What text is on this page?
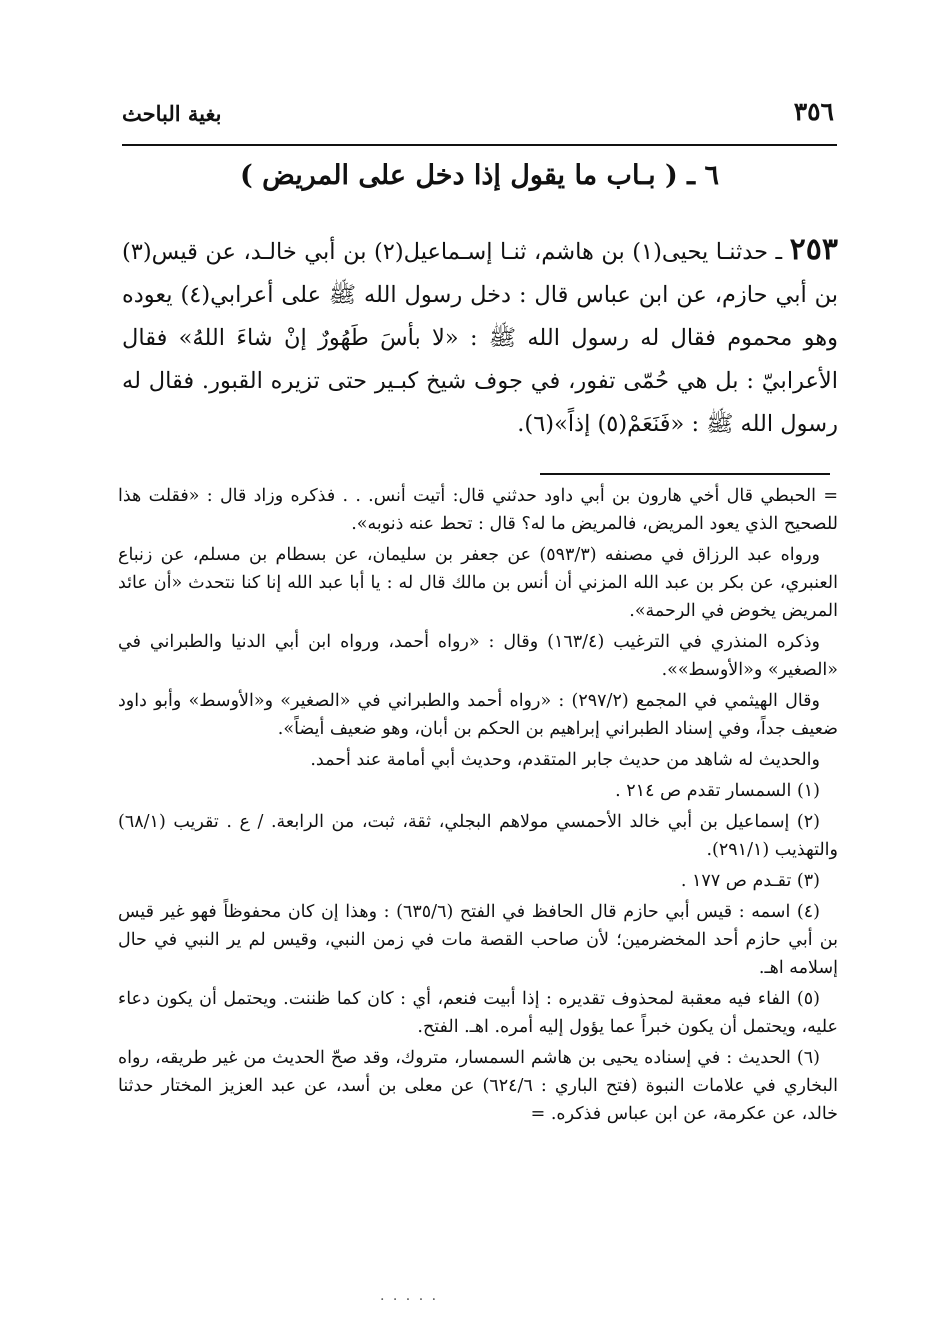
٣٥٦
بغية الباحث
٦ ـ ( بـاب ما يقول إذا دخل على المريض )
٢٥٣ ـ حدثنـا يحيى(١) بن هاشم، ثنـا إسـماعيل(٢) بن أبي خالـد، عن قيس(٣) بن أبي حازم، عن ابن عباس قال : دخل رسول الله ﷺ على أعرابي(٤) يعوده وهو محموم فقال له رسول الله ﷺ : «لا بأسَ طَهُورٌ إنْ شاءَ اللهُ» فقال الأعرابيّ : بل هي حُمّى تفور، في جوف شيخ كبـير حتى تزيره القبور. فقال له رسول الله ﷺ : «فَنَعَمْ(٥) إذاً»(٦).

= الحبطي قال أخي هارون بن أبي داود حدثني قال: أتيت أنس. . . فذكره وزاد قال : «فقلت هذا للصحيح الذي يعود المريض، فالمريض ما له؟ قال : تحط عنه ذنوبه».

ورواه عبد الرزاق في مصنفه (٥٩٣/٣) عن جعفر بن سليمان، عن بسطام بن مسلم، عن زنباع العنبري، عن بكر بن عبد الله المزني أن أنس بن مالك قال له : يا أبا عبد الله إنا كنا نتحدث «أن عائد المريض يخوض في الرحمة».

وذكره المنذري في الترغيب (١٦٣/٤) وقال : «رواه أحمد، ورواه ابن أبي الدنيا والطبراني في «الصغير» و«الأوسط»».

وقال الهيثمي في المجمع (٢٩٧/٢) : «رواه أحمد والطبراني في «الصغير» و«الأوسط» وأبو داود ضعيف جداً، وفي إسناد الطبراني إبراهيم بن الحكم بن أبان، وهو ضعيف أيضاً».

والحديث له شاهد من حديث جابر المتقدم، وحديث أبي أمامة عند أحمد.

(١) السمسار تقدم ص ٢١٤ .

(٢) إسماعيل بن أبي خالد الأحمسي مولاهم البجلي، ثقة، ثبت، من الرابعة. / ع . تقريب (٦٨/١) والتهذيب (٢٩١/١).

(٣) تقـدم ص ١٧٧ .

(٤) اسمه : قيس أبي حازم قال الحافظ في الفتح (٦٣٥/٦) : وهذا إن كان محفوظاً فهو غير قيس بن أبي حازم أحد المخضرمين؛ لأن صاحب القصة مات في زمن النبي، وقيس لم ير النبي في حال إسلامه اهـ.

(٥) الفاء فيه معقبة لمحذوف تقديره : إذا أبيت فنعم، أي : كان كما ظننت. ويحتمل أن يكون دعاء عليه، ويحتمل أن يكون خبراً عما يؤول إليه أمره. اهـ. الفتح.

(٦) الحديث : في إسناده يحيى بن هاشم السمسار، متروك، وقد صحّ الحديث من غير طريقه، رواه البخاري في علامات النبوة (فتح الباري : ٦٢٤/٦) عن معلى بن أسد، عن عبد العزيز المختار حدثنا خالد، عن عكرمة، عن ابن عباس فذكره. =

. . . . .
